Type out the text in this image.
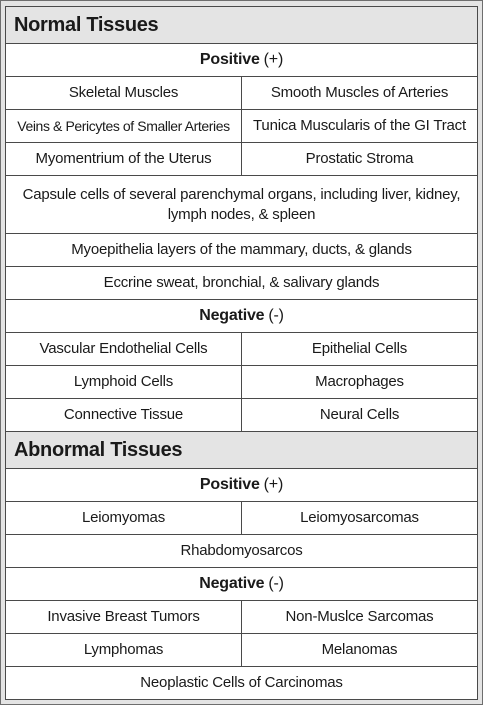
Normal Tissues
Positive (+)
Skeletal Muscles	Smooth Muscles of Arteries
Veins & Pericytes of Smaller Arteries	Tunica Muscularis of the GI Tract
Myomentrium of the Uterus	Prostatic Stroma
Capsule cells of several parenchymal organs, including liver, kidney, lymph nodes, & spleen
Myoepithelia layers of the mammary, ducts, & glands
Eccrine sweat, bronchial, & salivary glands
Negative (-)
Vascular Endothelial Cells	Epithelial Cells
Lymphoid Cells	Macrophages
Connective Tissue	Neural Cells
Abnormal Tissues
Positive (+)
Leiomyomas	Leiomyosarcomas
Rhabdomyosarcos
Negative (-)
Invasive Breast Tumors	Non-Muslce Sarcomas
Lymphomas	Melanomas
Neoplastic Cells of Carcinomas
